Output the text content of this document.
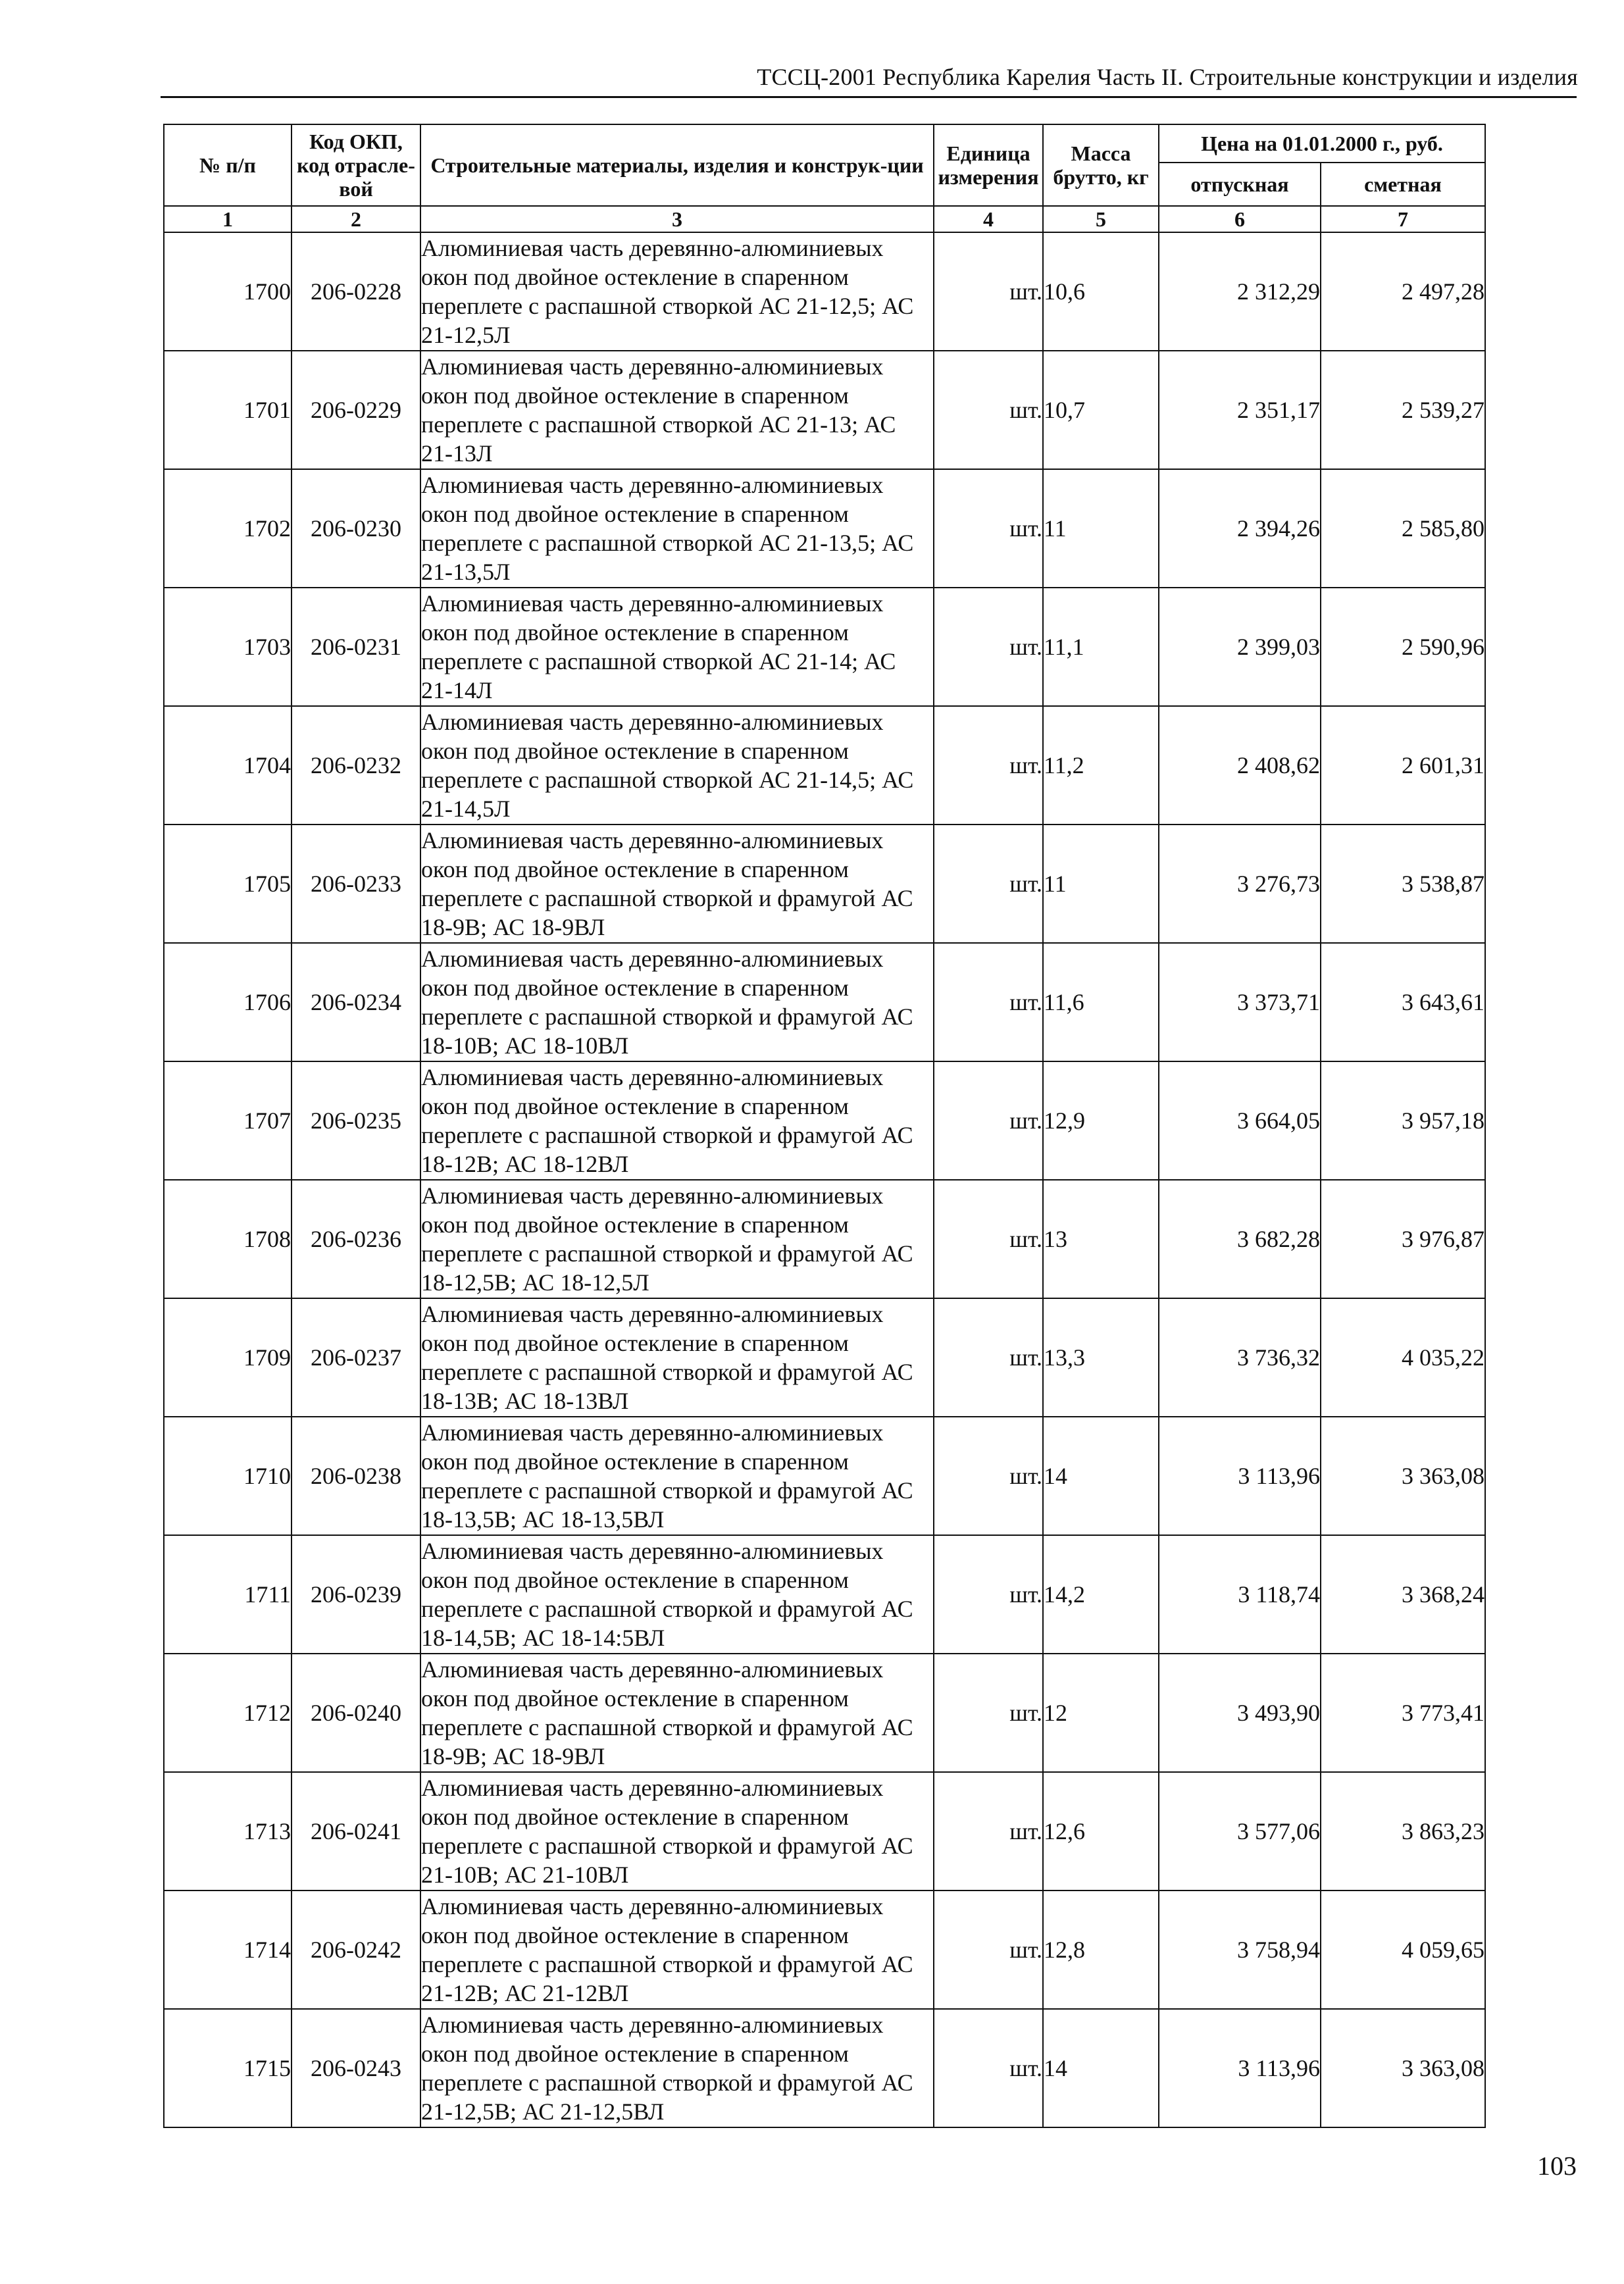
ТССЦ-2001 Республика Карелия Часть II. Строительные конструкции и изделия
№ п/п	Код ОКП, код отрасле-вой	Строительные материалы, изделия и конструк-ции	Единица измерения	Масса брутто, кг	Цена на 01.01.2000 г., руб.	
					отпускная	сметная
1	2	3	4	5	6	7
1700	206-0228	Алюминиевая часть деревянно-алюминиевых окон под двойное остекление в спаренном переплете с распашной створкой АС 21-12,5; АС 21-12,5Л	шт.	10,6	2 312,29	2 497,28
1701	206-0229	Алюминиевая часть деревянно-алюминиевых окон под двойное остекление в спаренном переплете с распашной створкой АС 21-13; АС 21-13Л	шт.	10,7	2 351,17	2 539,27
1702	206-0230	Алюминиевая часть деревянно-алюминиевых окон под двойное остекление в спаренном переплете с распашной створкой АС 21-13,5; АС 21-13,5Л	шт.	11	2 394,26	2 585,80
1703	206-0231	Алюминиевая часть деревянно-алюминиевых окон под двойное остекление в спаренном переплете с распашной створкой АС 21-14; АС 21-14Л	шт.	11,1	2 399,03	2 590,96
1704	206-0232	Алюминиевая часть деревянно-алюминиевых окон под двойное остекление в спаренном переплете с распашной створкой АС 21-14,5; АС 21-14,5Л	шт.	11,2	2 408,62	2 601,31
1705	206-0233	Алюминиевая часть деревянно-алюминиевых окон под двойное остекление в спаренном переплете с распашной створкой и фрамугой АС 18-9В; АС 18-9ВЛ	шт.	11	3 276,73	3 538,87
1706	206-0234	Алюминиевая часть деревянно-алюминиевых окон под двойное остекление в спаренном переплете с распашной створкой и фрамугой АС 18-10В; АС 18-10ВЛ	шт.	11,6	3 373,71	3 643,61
1707	206-0235	Алюминиевая часть деревянно-алюминиевых окон под двойное остекление в спаренном переплете с распашной створкой и фрамугой АС 18-12В; АС 18-12ВЛ	шт.	12,9	3 664,05	3 957,18
1708	206-0236	Алюминиевая часть деревянно-алюминиевых окон под двойное остекление в спаренном переплете с распашной створкой и фрамугой АС 18-12,5В; АС 18-12,5Л	шт.	13	3 682,28	3 976,87
1709	206-0237	Алюминиевая часть деревянно-алюминиевых окон под двойное остекление в спаренном переплете с распашной створкой и фрамугой АС 18-13В; АС 18-13ВЛ	шт.	13,3	3 736,32	4 035,22
1710	206-0238	Алюминиевая часть деревянно-алюминиевых окон под двойное остекление в спаренном переплете с распашной створкой и фрамугой АС 18-13,5В; АС 18-13,5ВЛ	шт.	14	3 113,96	3 363,08
1711	206-0239	Алюминиевая часть деревянно-алюминиевых окон под двойное остекление в спаренном переплете с распашной створкой и фрамугой АС 18-14,5В; АС 18-14:5ВЛ	шт.	14,2	3 118,74	3 368,24
1712	206-0240	Алюминиевая часть деревянно-алюминиевых окон под двойное остекление в спаренном переплете с распашной створкой и фрамугой АС 18-9В; АС 18-9ВЛ	шт.	12	3 493,90	3 773,41
1713	206-0241	Алюминиевая часть деревянно-алюминиевых окон под двойное остекление в спаренном переплете с распашной створкой и фрамугой АС 21-10В; АС 21-10ВЛ	шт.	12,6	3 577,06	3 863,23
1714	206-0242	Алюминиевая часть деревянно-алюминиевых окон под двойное остекление в спаренном переплете с распашной створкой и фрамугой АС 21-12В; АС 21-12ВЛ	шт.	12,8	3 758,94	4 059,65
1715	206-0243	Алюминиевая часть деревянно-алюминиевых окон под двойное остекление в спаренном переплете с распашной створкой и фрамугой АС 21-12,5В; АС 21-12,5ВЛ	шт.	14	3 113,96	3 363,08
103
